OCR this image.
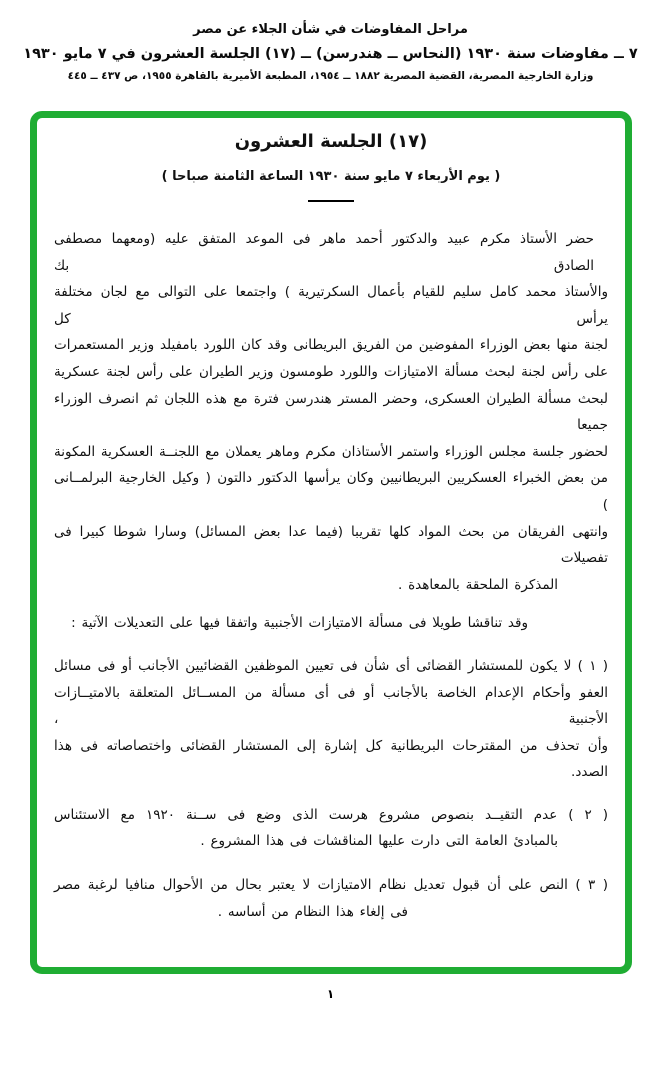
مراحل المفاوضات في شأن الجلاء عن مصر
٧ ــ مفاوضات سنة ١٩٣٠ (النحاس ــ هندرسن) ــ (١٧) الجلسة العشرون في ٧ مايو ١٩٣٠
وزارة الخارجية المصرية، القضية المصرية ١٨٨٢ ــ ١٩٥٤، المطبعة الأميرية بالقاهرة ١٩٥٥، ص ٤٣٧ ــ ٤٤٥
(١٧) الجلسة العشرون
( يوم الأربعاء ٧ مايو سنة ١٩٣٠ الساعة الثامنة صباحا )
حضر الأستاذ مكرم عبيد والدكتور أحمد ماهر فى الموعد المتفق عليه (ومعهما مصطفى الصادق بك
والأستاذ محمد كامل سليم للقيام بأعمال السكرتيرية ) واجتمعا على التوالى مع لجان مختلفة يرأس كل
لجنة منها بعض الوزراء المفوضين من الفريق البريطانى وقد كان اللورد بامفيلد وزير المستعمرات
على رأس لجنة لبحث مسألة الامتيازات واللورد طومسون وزير الطيران على رأس لجنة عسكرية
لبحث مسألة الطيران العسكرى، وحضر المستر هندرسن فترة مع هذه اللجان ثم انصرف الوزراء جميعا
لحضور جلسة مجلس الوزراء واستمر الأستاذان مكرم وماهر يعملان مع اللجنــة العسكرية المكونة
من بعض الخبراء العسكريين البريطانيين وكان يرأسها الدكتور دالتون ( وكيل الخارجية البرلمــانى )
وانتهى الفريقان من بحث المواد كلها تقريبا (فيما عدا بعض المسائل) وسارا شوطا كبيرا فى تفصيلات
المذكرة الملحقة بالمعاهدة .
وقد تناقشا طويلا فى مسألة الامتيازات الأجنبية واتفقا فيها على التعديلات الآتية :
( ١ ) لا يكون للمستشار القضائى أى شأن فى تعيين الموظفين القضائيين الأجانب أو فى مسائل
العفو وأحكام الإعدام الخاصة بالأجانب أو فى أى مسألة من المســائل المتعلقة بالامتيــازات الأجنبية ،
وأن تحذف من المقترحات البريطانية كل إشارة إلى المستشار القضائى واختصاصاته فى هذا الصدد.
( ٢ ) عدم التقيــد بنصوص مشروع هرست الذى وضع فى ســنة ١٩٢٠ مع الاستئناس
بالمبادئ العامة التى دارت عليها المناقشات فى هذا المشروع .
( ٣ ) النص على أن قبول تعديل نظام الامتيازات لا يعتبر بحال من الأحوال منافيا لرغبة مصر
فى إلغاء هذا النظام من أساسه .
١
